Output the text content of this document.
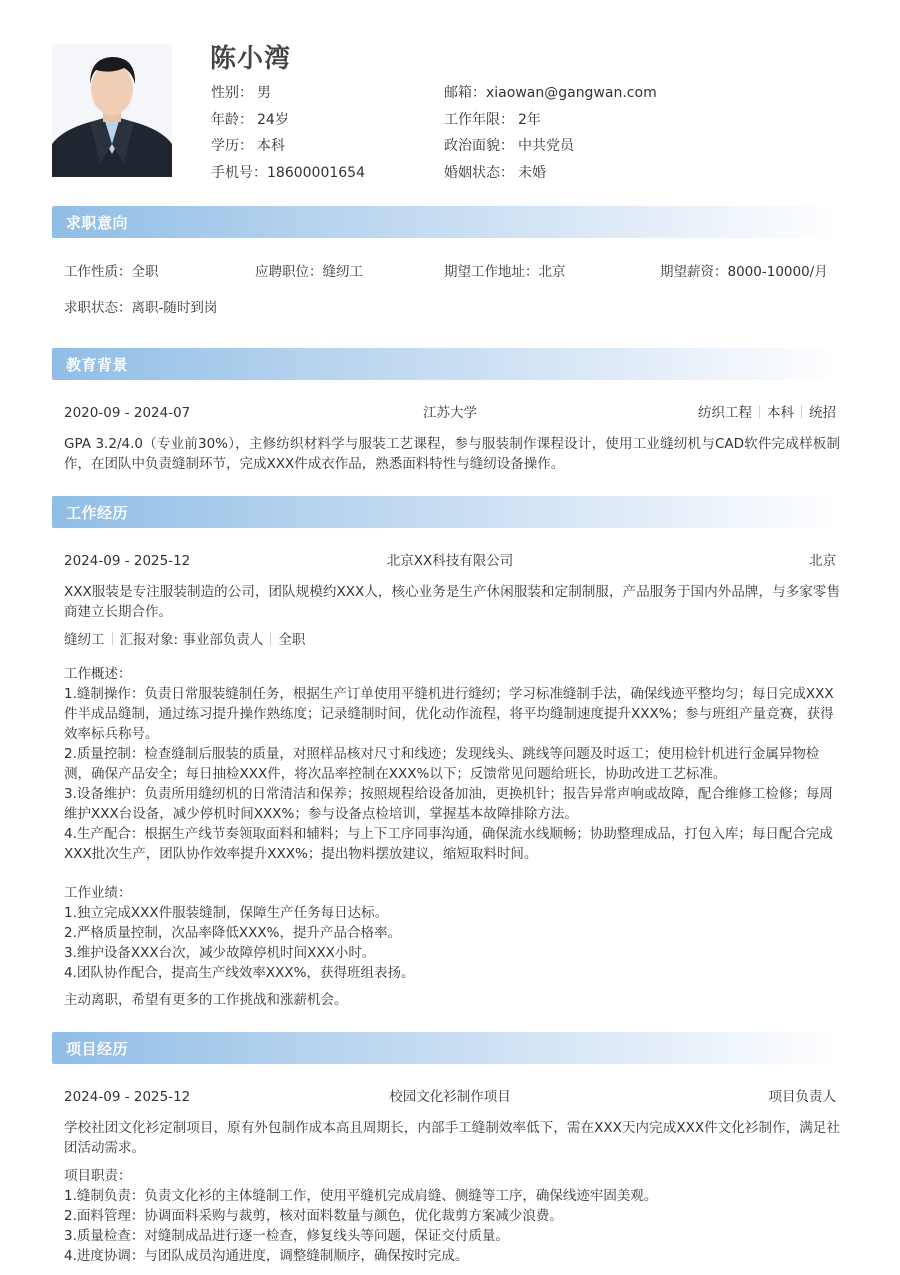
陈小湾
性别： 男
年龄： 24岁
学历： 本科
手机号：18600001654
邮箱：xiaowan@gangwan.com
工作年限： 2年
政治面貌： 中共党员
婚姻状态： 未婚
求职意向
工作性质：全职	应聘职位：缝纫工	期望工作地址：北京	期望薪资：8000-10000/月
求职状态：离职-随时到岗
教育背景
2020-09 - 2024-07	江苏大学	纺织工程 本科 统招
GPA 3.2/4.0（专业前30%），主修纺织材料学与服装工艺课程，参与服装制作课程设计，使用工业缝纫机与CAD软件完成样板制作，在团队中负责缝制环节，完成XXX件成衣作品，熟悉面料特性与缝纫设备操作。
工作经历
2024-09 - 2025-12	北京XX科技有限公司	北京
XXX服装是专注服装制造的公司，团队规模约XXX人，核心业务是生产休闲服装和定制制服，产品服务于国内外品牌，与多家零售商建立长期合作。
缝纫工 汇报对象: 事业部负责人 全职
工作概述：
1.缝制操作：负责日常服装缝制任务，根据生产订单使用平缝机进行缝纫；学习标准缝制手法，确保线迹平整均匀；每日完成XXX件半成品缝制，通过练习提升操作熟练度；记录缝制时间，优化动作流程，将平均缝制速度提升XXX%；参与班组产量竞赛，获得效率标兵称号。
2.质量控制：检查缝制后服装的质量，对照样品核对尺寸和线迹；发现线头、跳线等问题及时返工；使用检针机进行金属异物检测，确保产品安全；每日抽检XXX件，将次品率控制在XXX%以下；反馈常见问题给班长，协助改进工艺标准。
3.设备维护：负责所用缝纫机的日常清洁和保养；按照规程给设备加油，更换机针；报告异常声响或故障，配合维修工检修；每周维护XXX台设备，减少停机时间XXX%；参与设备点检培训，掌握基本故障排除方法。
4.生产配合：根据生产线节奏领取面料和辅料；与上下工序同事沟通，确保流水线顺畅；协助整理成品，打包入库；每日配合完成XXX批次生产，团队协作效率提升XXX%；提出物料摆放建议，缩短取料时间。
工作业绩：
1.独立完成XXX件服装缝制，保障生产任务每日达标。
2.严格质量控制，次品率降低XXX%，提升产品合格率。
3.维护设备XXX台次，减少故障停机时间XXX小时。
4.团队协作配合，提高生产线效率XXX%，获得班组表扬。
主动离职，希望有更多的工作挑战和涨薪机会。
项目经历
2024-09 - 2025-12	校园文化衫制作项目	项目负责人
学校社团文化衫定制项目，原有外包制作成本高且周期长，内部手工缝制效率低下，需在XXX天内完成XXX件文化衫制作，满足社团活动需求。
项目职责：
1.缝制负责：负责文化衫的主体缝制工作，使用平缝机完成肩缝、侧缝等工序，确保线迹牢固美观。
2.面料管理：协调面料采购与裁剪，核对面料数量与颜色，优化裁剪方案减少浪费。
3.质量检查：对缝制成品进行逐一检查，修复线头等问题，保证交付质量。
4.进度协调：与团队成员沟通进度，调整缝制顺序，确保按时完成。
